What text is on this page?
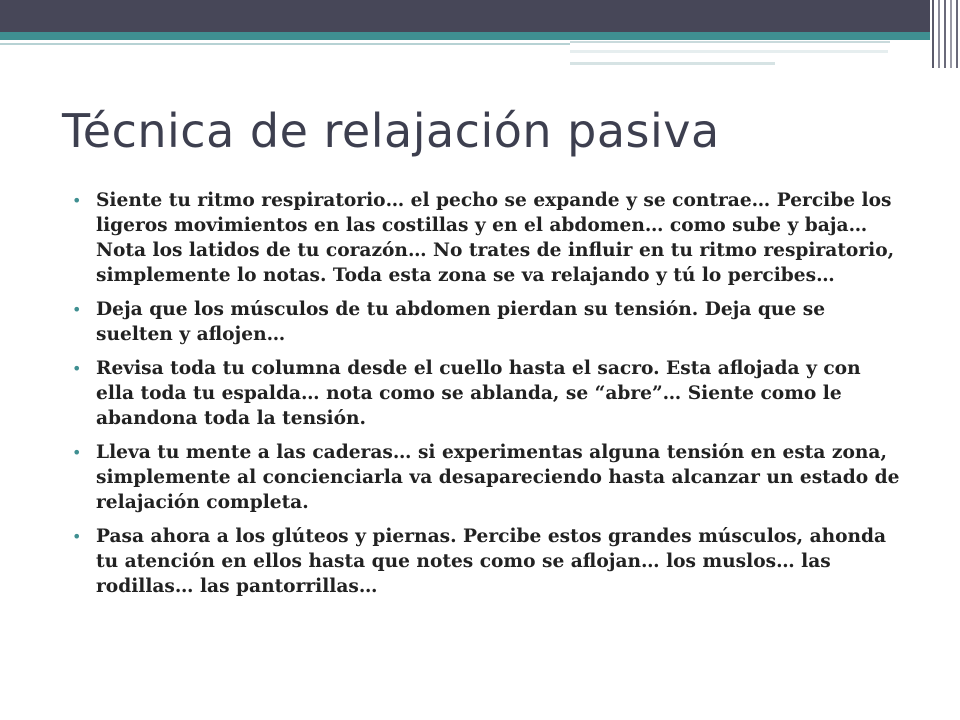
Técnica de relajación pasiva
• Siente tu ritmo respiratorio… el pecho se expande y se contrae… Percibe los ligeros movimientos en las costillas y en el abdomen… como sube y baja… Nota los latidos de tu corazón… No trates de influir en tu ritmo respiratorio, simplemente lo notas. Toda esta zona se va relajando y tú lo percibes…
• Deja que los músculos de tu abdomen pierdan su tensión. Deja que se suelten y aflojen…
• Revisa toda tu columna desde el cuello hasta el sacro. Esta aflojada y con ella toda tu espalda… nota como se ablanda, se “abre”… Siente como le abandona toda la tensión.
• Lleva tu mente a las caderas… si experimentas alguna tensión en esta zona, simplemente al concienciarla va desapareciendo hasta alcanzar un estado de relajación completa.
• Pasa ahora a los glúteos y piernas. Percibe estos grandes músculos, ahonda tu atención en ellos hasta que notes como se aflojan… los muslos… las rodillas… las pantorrillas…
